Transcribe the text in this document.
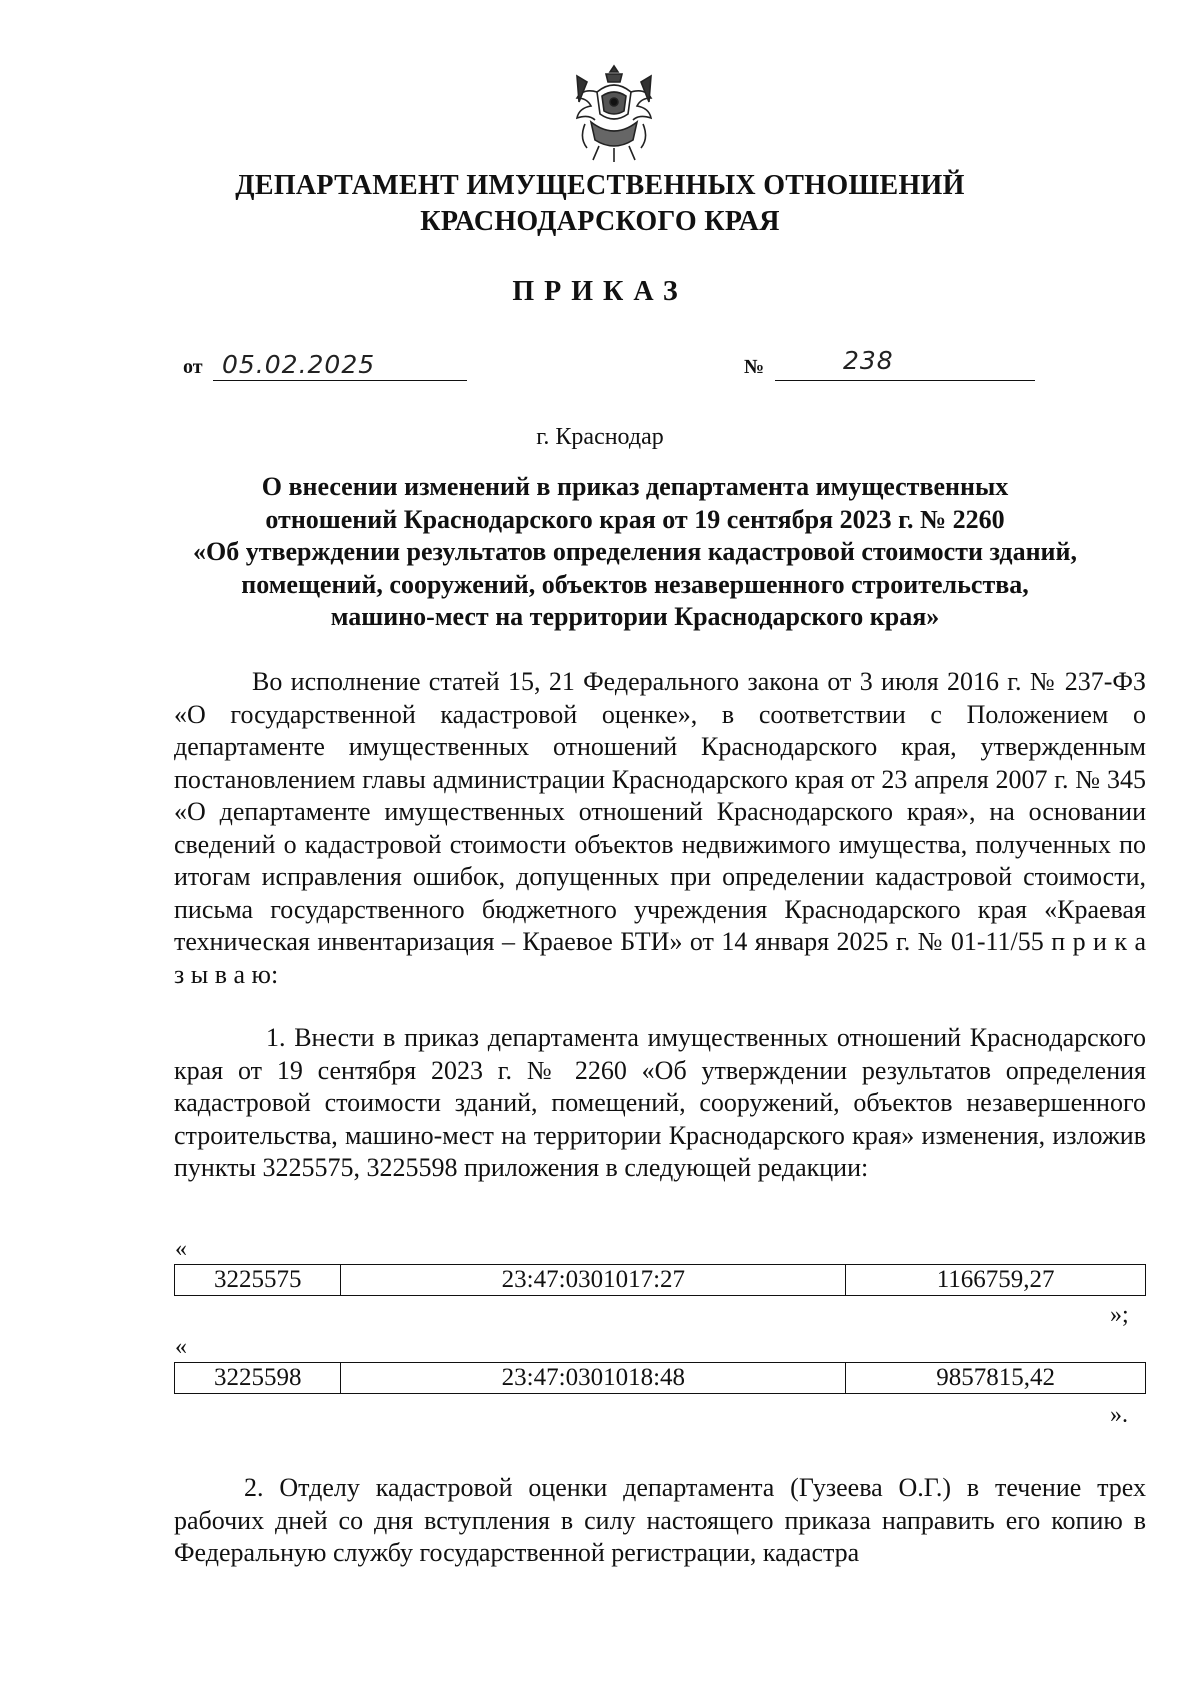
ДЕПАРТАМЕНТ ИМУЩЕСТВЕННЫХ ОТНОШЕНИЙ
КРАСНОДАРСКОГО КРАЯ
ПРИКАЗ
от 05.02.2025	№	238
г. Краснодар
О внесении изменений в приказ департамента имущественных
отношений Краснодарского края от 19 сентября 2023 г. № 2260
«Об утверждении результатов определения кадастровой стоимости зданий,
помещений, сооружений, объектов незавершенного строительства,
машино-мест на территории Краснодарского края»
Во исполнение статей 15, 21 Федерального закона от 3 июля 2016 г. № 237-ФЗ «О государственной кадастровой оценке», в соответствии с Положением о департаменте имущественных отношений Краснодарского края, утвержденным постановлением главы администрации Краснодарского края от 23 апреля 2007 г. № 345 «О департаменте имущественных отношений Краснодарского края», на основании сведений о кадастровой стоимости объектов недвижимого имущества, полученных по итогам исправления ошибок, допущенных при определении кадастровой стоимости, письма государственного бюджетного учреждения Краснодарского края «Краевая техническая инвентаризация – Краевое БТИ» от 14 января 2025 г. № 01-11/55 п р и к а з ы в а ю:
1. Внести в приказ департамента имущественных отношений Краснодарского края от 19 сентября 2023 г. № 2260 «Об утверждении результатов определения кадастровой стоимости зданий, помещений, сооружений, объектов незавершенного строительства, машино-мест на территории Краснодарского края» изменения, изложив пункты 3225575, 3225598 приложения в следующей редакции:
«
3225575	23:47:0301017:27	1166759,27
»;
«
3225598	23:47:0301018:48	9857815,42
».
2. Отделу кадастровой оценки департамента (Гузеева О.Г.) в течение трех рабочих дней со дня вступления в силу настоящего приказа направить его копию в Федеральную службу государственной регистрации, кадастра
